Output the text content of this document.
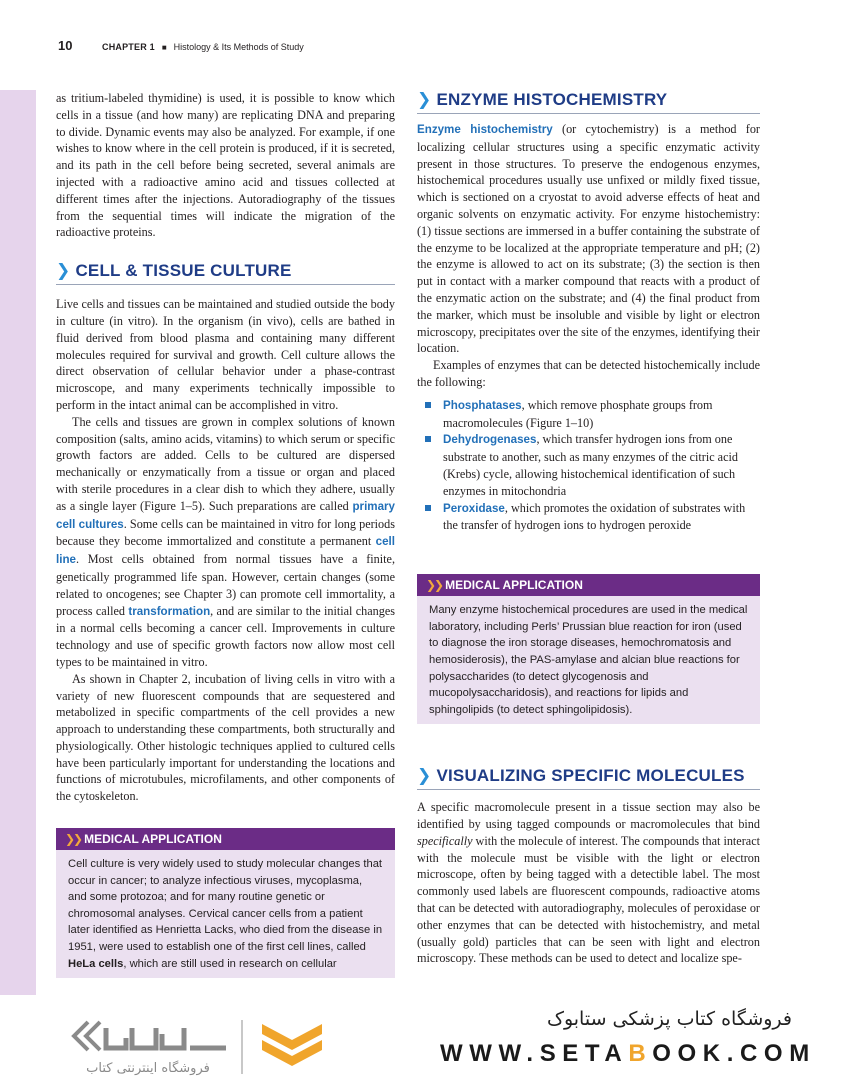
10	CHAPTER 1 ■ Histology & Its Methods of Study

as tritium-labeled thymidine) is used, it is possible to know which cells in a tissue (and how many) are replicating DNA and preparing to divide. Dynamic events may also be analyzed. For example, if one wishes to know where in the cell protein is produced, if it is secreted, and its path in the cell before being secreted, several animals are injected with a radioactive amino acid and tissues collected at different times after the injections. Autoradiography of the tissues from the sequential times will indicate the migration of the radioactive proteins.

❯ CELL & TISSUE CULTURE

Live cells and tissues can be maintained and studied outside the body in culture (in vitro). In the organism (in vivo), cells are bathed in fluid derived from blood plasma and containing many different molecules required for survival and growth. Cell culture allows the direct observation of cellular behavior under a phase-contrast microscope, and many experiments technically impossible to perform in the intact animal can be accomplished in vitro.

The cells and tissues are grown in complex solutions of known composition (salts, amino acids, vitamins) to which serum or specific growth factors are added. Cells to be cultured are dispersed mechanically or enzymatically from a tissue or organ and placed with sterile procedures in a clear dish to which they adhere, usually as a single layer (Figure 1–5). Such preparations are called primary cell cultures. Some cells can be maintained in vitro for long periods because they become immortalized and constitute a permanent cell line. Most cells obtained from normal tissues have a finite, genetically programmed life span. However, certain changes (some related to oncogenes; see Chapter 3) can promote cell immortality, a process called transformation, and are similar to the initial changes in a normal cells becoming a cancer cell. Improvements in culture technology and use of specific growth factors now allow most cell types to be maintained in vitro.

As shown in Chapter 2, incubation of living cells in vitro with a variety of new fluorescent compounds that are sequestered and metabolized in specific compartments of the cell provides a new approach to understanding these compartments, both structurally and physiologically. Other histologic techniques applied to cultured cells have been particularly important for understanding the locations and functions of microtubules, microfilaments, and other components of the cytoskeleton.

❯❯ MEDICAL APPLICATION
Cell culture is very widely used to study molecular changes that occur in cancer; to analyze infectious viruses, mycoplasma, and some protozoa; and for many routine genetic or chromosomal analyses. Cervical cancer cells from a patient later identified as Henrietta Lacks, who died from the disease in 1951, were used to establish one of the first cell lines, called HeLa cells, which are still used in research on cellular
❯ ENZYME HISTOCHEMISTRY

Enzyme histochemistry (or cytochemistry) is a method for localizing cellular structures using a specific enzymatic activity present in those structures. To preserve the endogenous enzymes, histochemical procedures usually use unfixed or mildly fixed tissue, which is sectioned on a cryostat to avoid adverse effects of heat and organic solvents on enzymatic activity. For enzyme histochemistry: (1) tissue sections are immersed in a buffer containing the substrate of the enzyme to be localized at the appropriate temperature and pH; (2) the enzyme is allowed to act on its substrate; (3) the section is then put in contact with a marker compound that reacts with a product of the enzymatic action on the substrate; and (4) the final product from the marker, which must be insoluble and visible by light or electron microscopy, precipitates over the site of the enzymes, identifying their location.

Examples of enzymes that can be detected histochemically include the following:

Phosphatases, which remove phosphate groups from macromolecules (Figure 1–10)
Dehydrogenases, which transfer hydrogen ions from one substrate to another, such as many enzymes of the citric acid (Krebs) cycle, allowing histochemical identification of such enzymes in mitochondria
Peroxidase, which promotes the oxidation of substrates with the transfer of hydrogen ions to hydrogen peroxide
❯❯ MEDICAL APPLICATION
Many enzyme histochemical procedures are used in the medical laboratory, including Perls’ Prussian blue reaction for iron (used to diagnose the iron storage diseases, hemochromatosis and hemosiderosis), the PAS-amylase and alcian blue reactions for polysaccharides (to detect glycogenosis and mucopolysaccharidosis), and reactions for lipids and sphingolipids (to detect sphingolipidosis).
❯ VISUALIZING SPECIFIC MOLECULES

A specific macromolecule present in a tissue section may also be identified by using tagged compounds or macromolecules that bind specifically with the molecule of interest. The compounds that interact with the molecule must be visible with the light or electron microscope, often by being tagged with a detectible label. The most commonly used labels are fluorescent compounds, radioactive atoms that can be detected with autoradiography, molecules of peroxidase or other enzymes that can be detected with histochemistry, and metal (usually gold) particles that can be seen with light and electron microscopy. These methods can be used to detect and localize spe-

فروشگاه اینترنتی کتاب
فروشگاه کتاب پزشکی ستابوک
WWW.SETABOOK.COM
